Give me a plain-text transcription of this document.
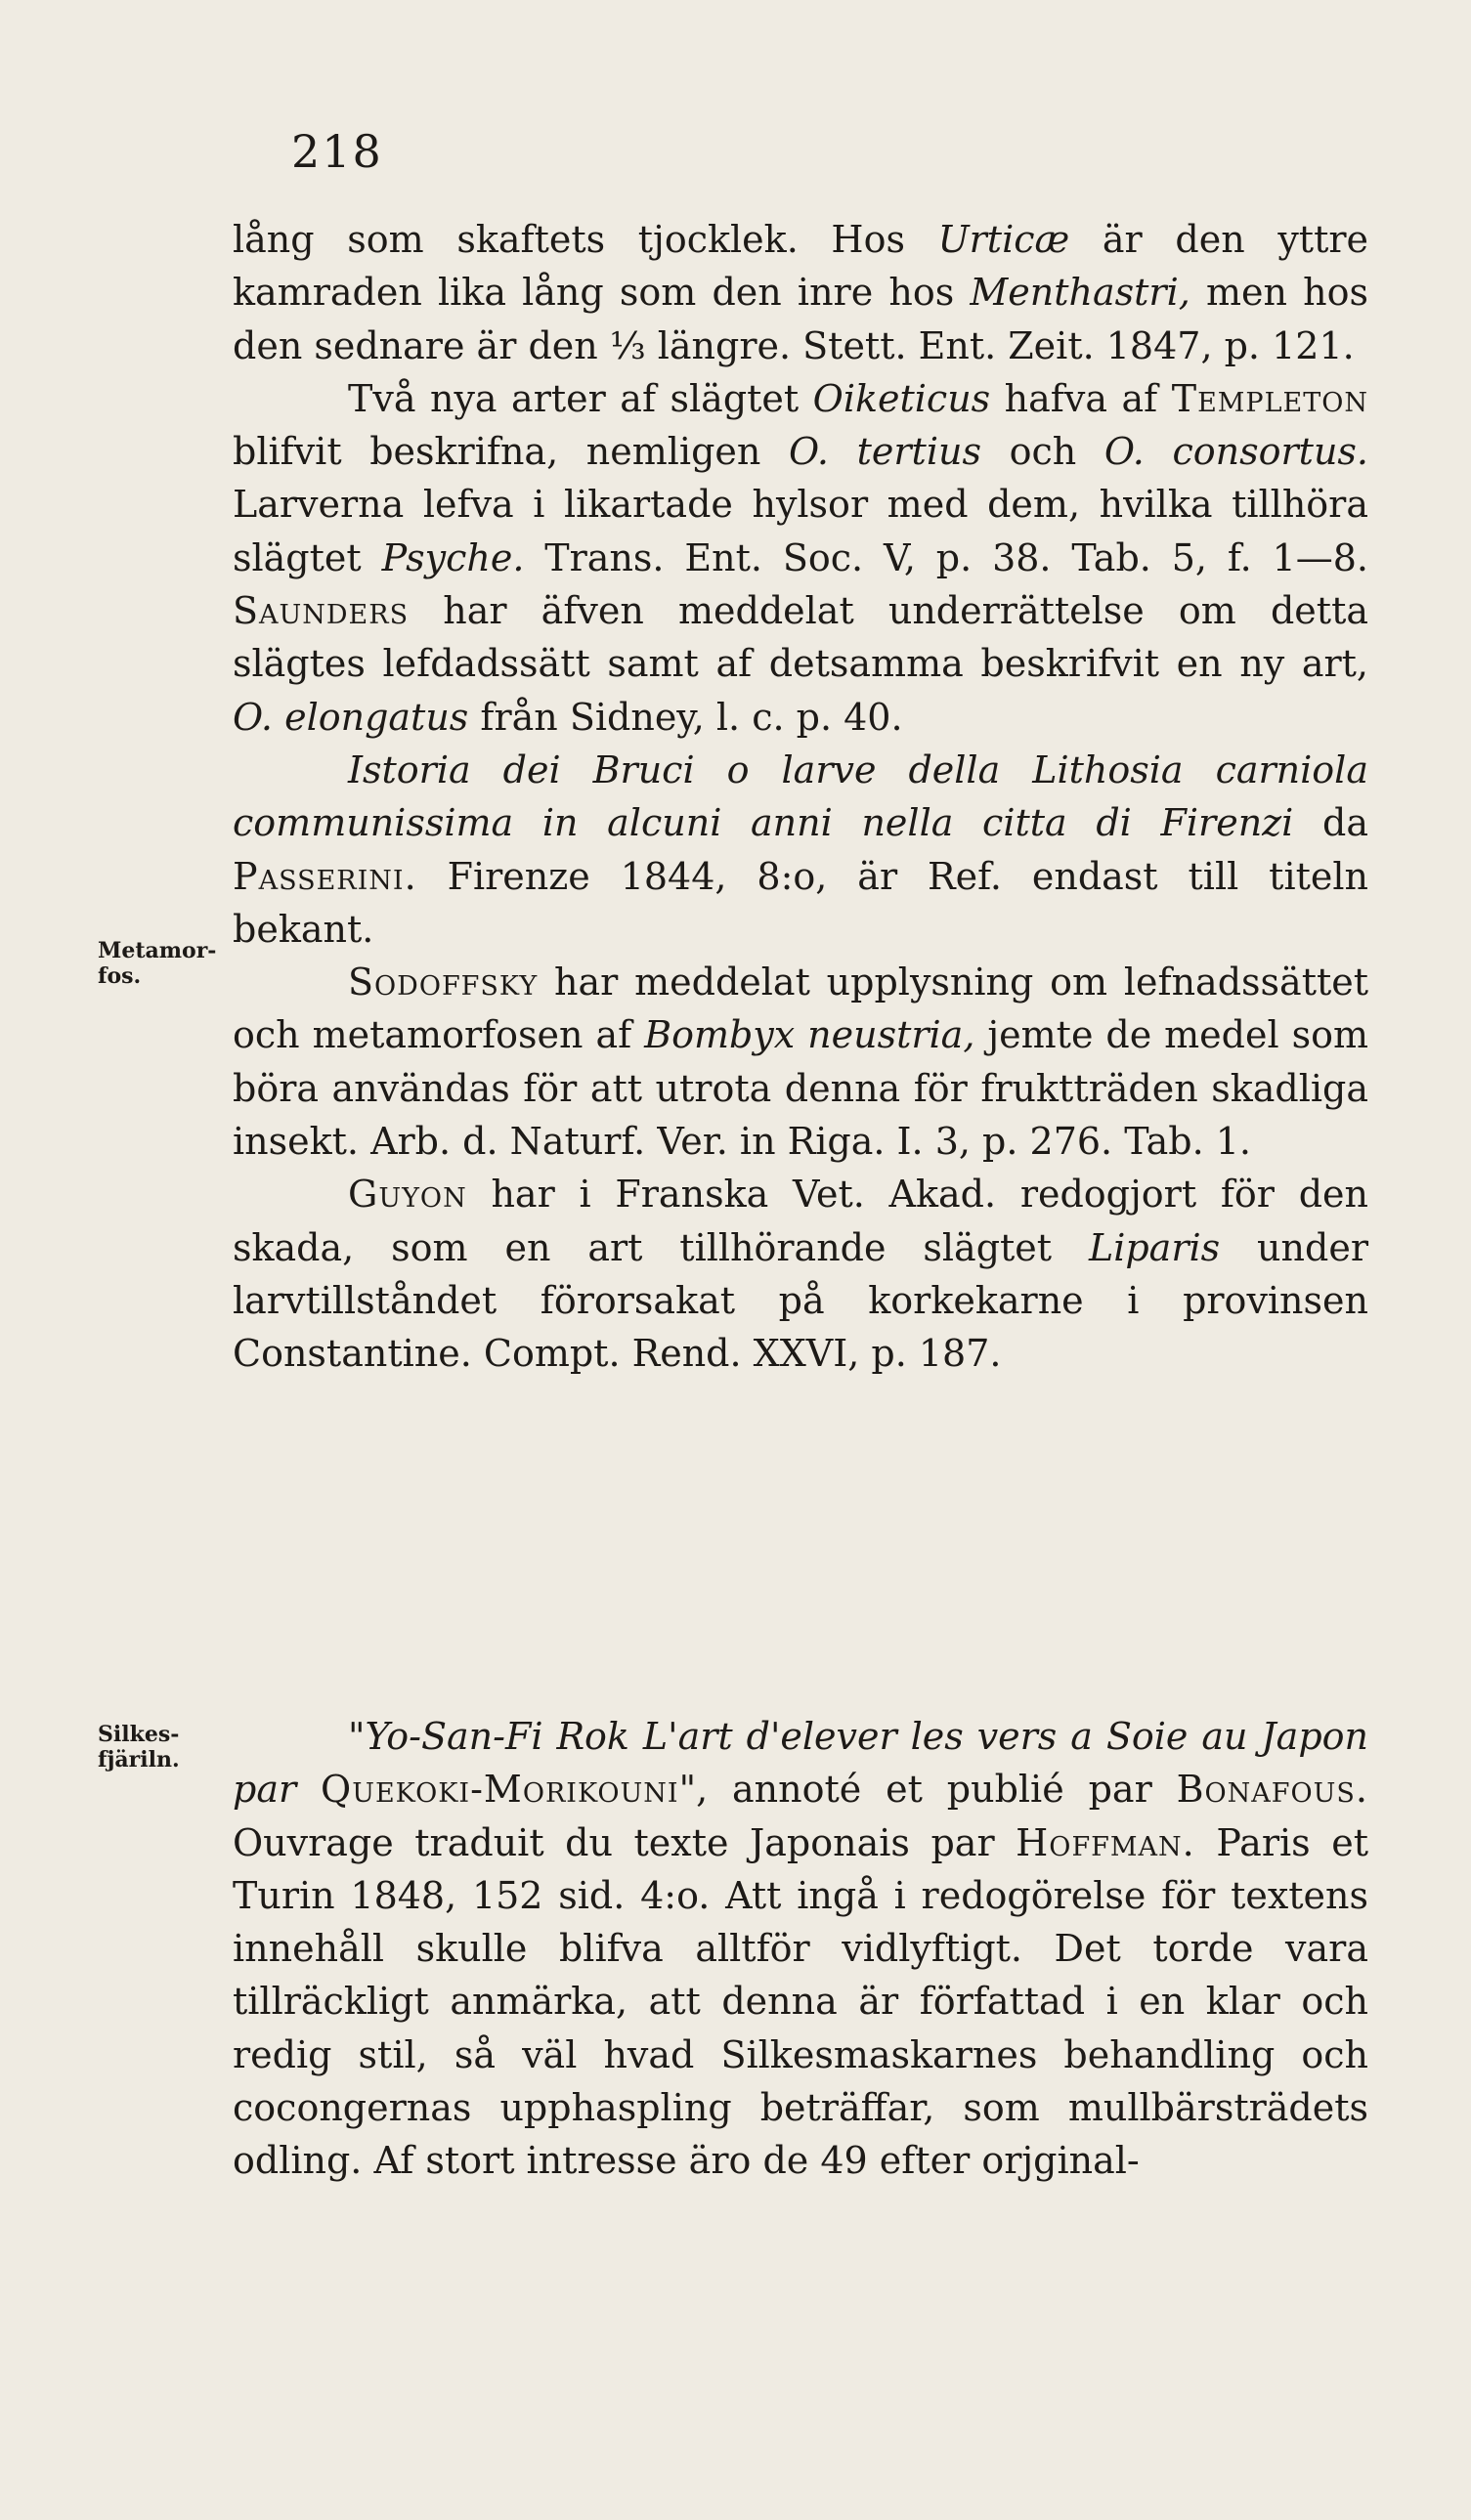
218
Metamor-fos.
Silkes-fjäriln.

lång som skaftets tjocklek. Hos Urticæ är den yttre kamraden lika lång som den inre hos Menthastri, men hos den sednare är den ⅓ längre. Stett. Ent. Zeit. 1847, p. 121.

Två nya arter af slägtet Oiketicus hafva af Templeton blifvit beskrifna, nemligen O. tertius och O. consortus. Larverna lefva i likartade hylsor med dem, hvilka tillhöra slägtet Psyche. Trans. Ent. Soc. V, p. 38. Tab. 5, f. 1—8. Saunders har äfven meddelat underrättelse om detta slägtes lefdadssätt samt af detsamma beskrifvit en ny art, O. elongatus från Sidney, l. c. p. 40.

Istoria dei Bruci o larve della Lithosia carniola communissima in alcuni anni nella citta di Firenzi da Passerini. Firenze 1844, 8:o, är Ref. endast till titeln bekant.

Sodoffsky har meddelat upplysning om lefnadssättet och metamorfosen af Bombyx neustria, jemte de medel som böra användas för att utrota denna för fruktträden skadliga insekt. Arb. d. Naturf. Ver. in Riga. I. 3, p. 276. Tab. 1.

Guyon har i Franska Vet. Akad. redogjort för den skada, som en art tillhörande slägtet Liparis under larvtillståndet förorsakat på korkekarne i provinsen Constantine. Compt. Rend. XXVI, p. 187.

"Yo-San-Fi Rok L'art d'elever les vers a Soie au Japon par Quekoki-Morikouni", annoté et publié par Bonafous. Ouvrage traduit du texte Japonais par Hoffman. Paris et Turin 1848, 152 sid. 4:o. Att ingå i redogörelse för textens innehåll skulle blifva alltför vidlyftigt. Det torde vara tillräckligt anmärka, att denna är författad i en klar och redig stil, så väl hvad Silkesmaskarnes behandling och cocongernas upphaspling beträffar, som mullbärsträdets odling. Af stort intresse äro de 49 efter orjginal-
